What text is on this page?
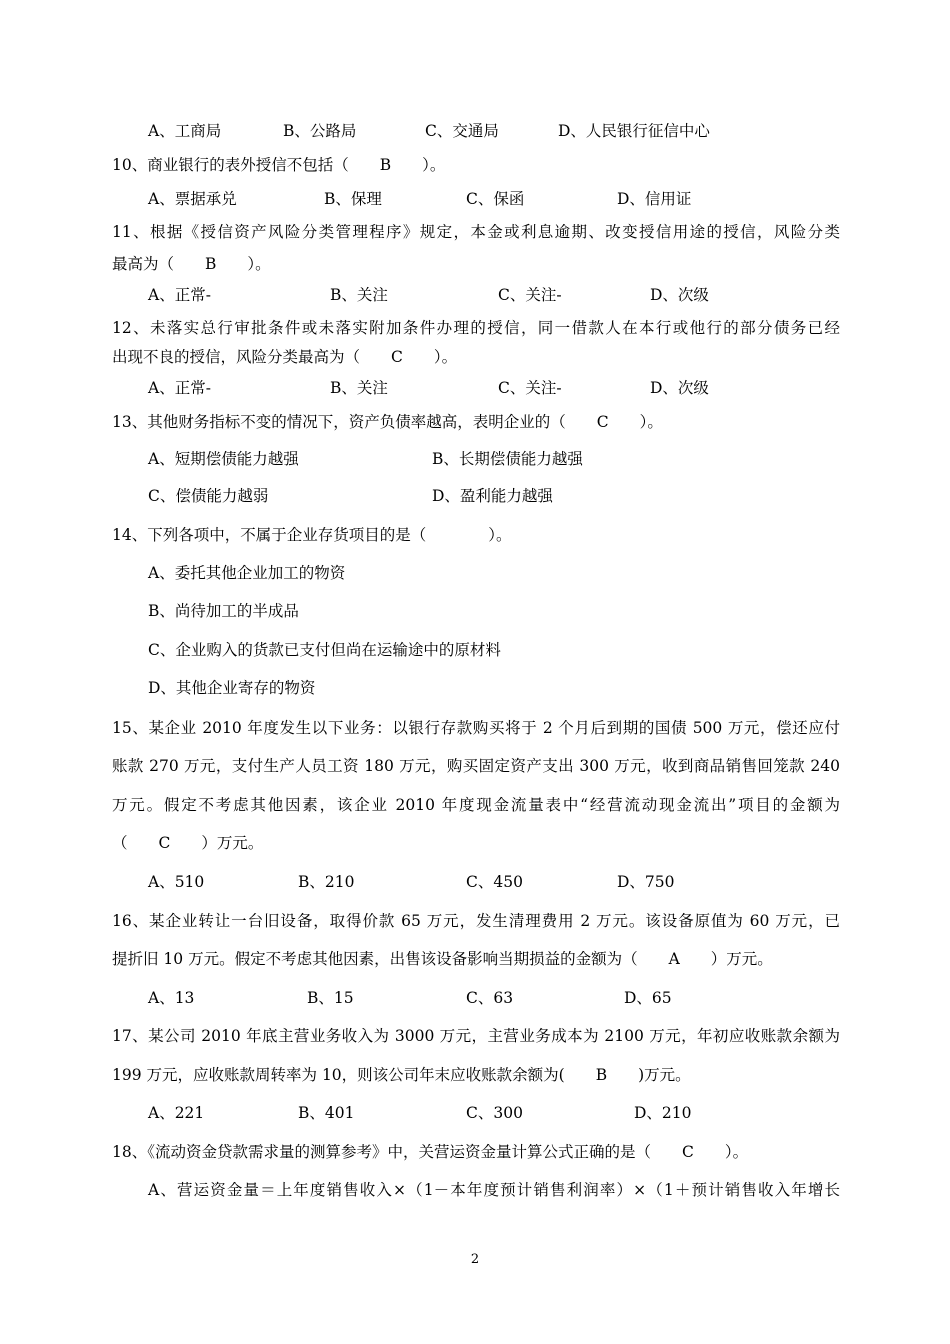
A、工商局	B、公路局	C、交通局	D、人民银行征信中心
10、商业银行的表外授信不包括（　　B　　）。
A、票据承兑	B、保理	C、保函	D、信用证
11、根据《授信资产风险分类管理程序》规定，本金或利息逾期、改变授信用途的授信，风险分类
最高为（　　B　　）。
A、正常-	B、关注	C、关注-	D、次级
12、未落实总行审批条件或未落实附加条件办理的授信，同一借款人在本行或他行的部分债务已经
出现不良的授信，风险分类最高为（　　C　　）。
A、正常-	B、关注	C、关注-	D、次级
13、其他财务指标不变的情况下，资产负债率越高，表明企业的（　　C　　）。
A、短期偿债能力越强	B、长期偿债能力越强
C、偿债能力越弱	D、盈利能力越强
14、下列各项中，不属于企业存货项目的是（　　　　）。
A、委托其他企业加工的物资
B、尚待加工的半成品
C、企业购入的货款已支付但尚在运输途中的原材料
D、其他企业寄存的物资
15、某企业 2010 年度发生以下业务：以银行存款购买将于 2 个月后到期的国债 500 万元，偿还应付
账款 270 万元，支付生产人员工资 180 万元，购买固定资产支出 300 万元，收到商品销售回笼款 240
万元。假定不考虑其他因素，该企业 2010 年度现金流量表中“经营流动现金流出”项目的金额为
（　　C　　）万元。
A、510	B、210	C、450	D、750
16、某企业转让一台旧设备，取得价款 65 万元，发生清理费用 2 万元。该设备原值为 60 万元，已
提折旧 10 万元。假定不考虑其他因素，出售该设备影响当期损益的金额为（　　A　　）万元。
A、13	B、15	C、63	D、65
17、某公司 2010 年底主营业务收入为 3000 万元，主营业务成本为 2100 万元，年初应收账款余额为
199 万元，应收账款周转率为 10，则该公司年末应收账款余额为(　　B　　)万元。
A、221	B、401	C、300	D、210
18、《流动资金贷款需求量的测算参考》中，关营运资金量计算公式正确的是（　　C　　）。
A、营运资金量＝上年度销售收入×（1－本年度预计销售利润率）×（1＋预计销售收入年增长
2
